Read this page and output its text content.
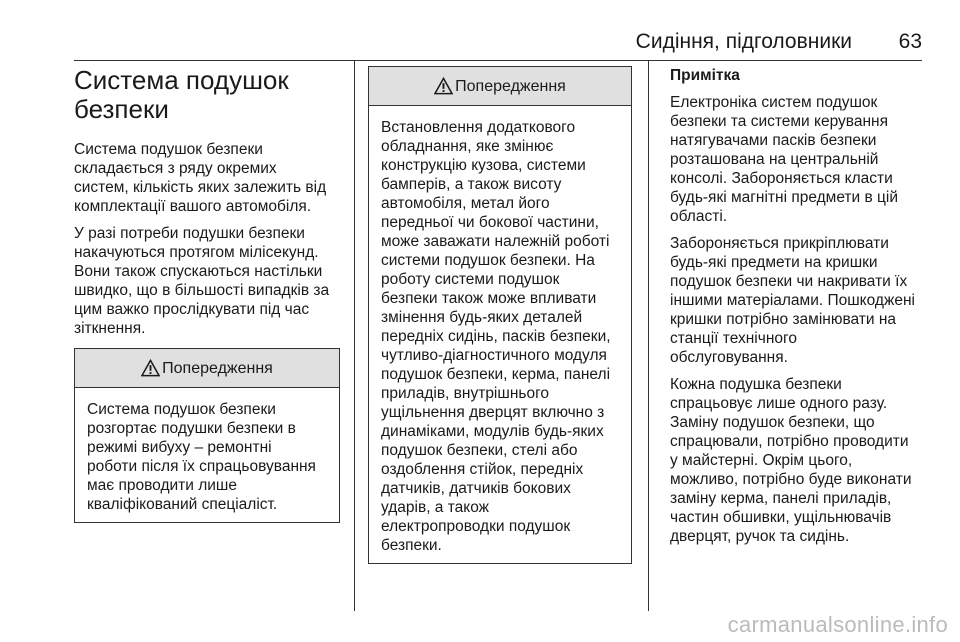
Сидіння, підголовники 63
Система подушок
безпеки

Система подушок безпеки
складається з ряду окремих
систем, кількість яких залежить від
комплектації вашого автомобіля.

У разі потреби подушки безпеки
накачуються протягом мілісекунд.
Вони також спускаються настільки
швидко, що в більшості випадків за
цим важко прослідкувати під час
зіткнення.

Попередження
Система подушок безпеки
розгортає подушки безпеки в
режимі вибуху – ремонтні
роботи після їх спрацьовування
має проводити лише
кваліфікований спеціаліст.
Попередження
Встановлення додаткового
обладнання, яке змінює
конструкцію кузова, системи
бамперів, а також висоту
автомобіля, метал його
передньої чи бокової частини,
може заважати належній роботі
системи подушок безпеки. На
роботу системи подушок
безпеки також може впливати
змінення будь-яких деталей
передніх сидінь, пасків безпеки,
чутливо-діагностичного модуля
подушок безпеки, керма, панелі
приладів, внутрішнього
ущільнення дверцят включно з
динаміками, модулів будь-яких
подушок безпеки, стелі або
оздоблення стійок, передніх
датчиків, датчиків бокових
ударів, а також
електропроводки подушок
безпеки.

Примітка

Електроніка систем подушок
безпеки та системи керування
натягувачами пасків безпеки
розташована на центральній
консолі. Забороняється класти
будь-які магнітні предмети в цій
області.

Забороняється прикріплювати
будь-які предмети на кришки
подушок безпеки чи накривати їх
іншими матеріалами. Пошкоджені
кришки потрібно замінювати на
станції технічного
обслуговування.

Кожна подушка безпеки
спрацьовує лише одного разу.
Заміну подушок безпеки, що
спрацювали, потрібно проводити
у майстерні. Окрім цього,
можливо, потрібно буде виконати
заміну керма, панелі приладів,
частин обшивки, ущільнювачів
дверцят, ручок та сидінь.

carmanualsonline.info
